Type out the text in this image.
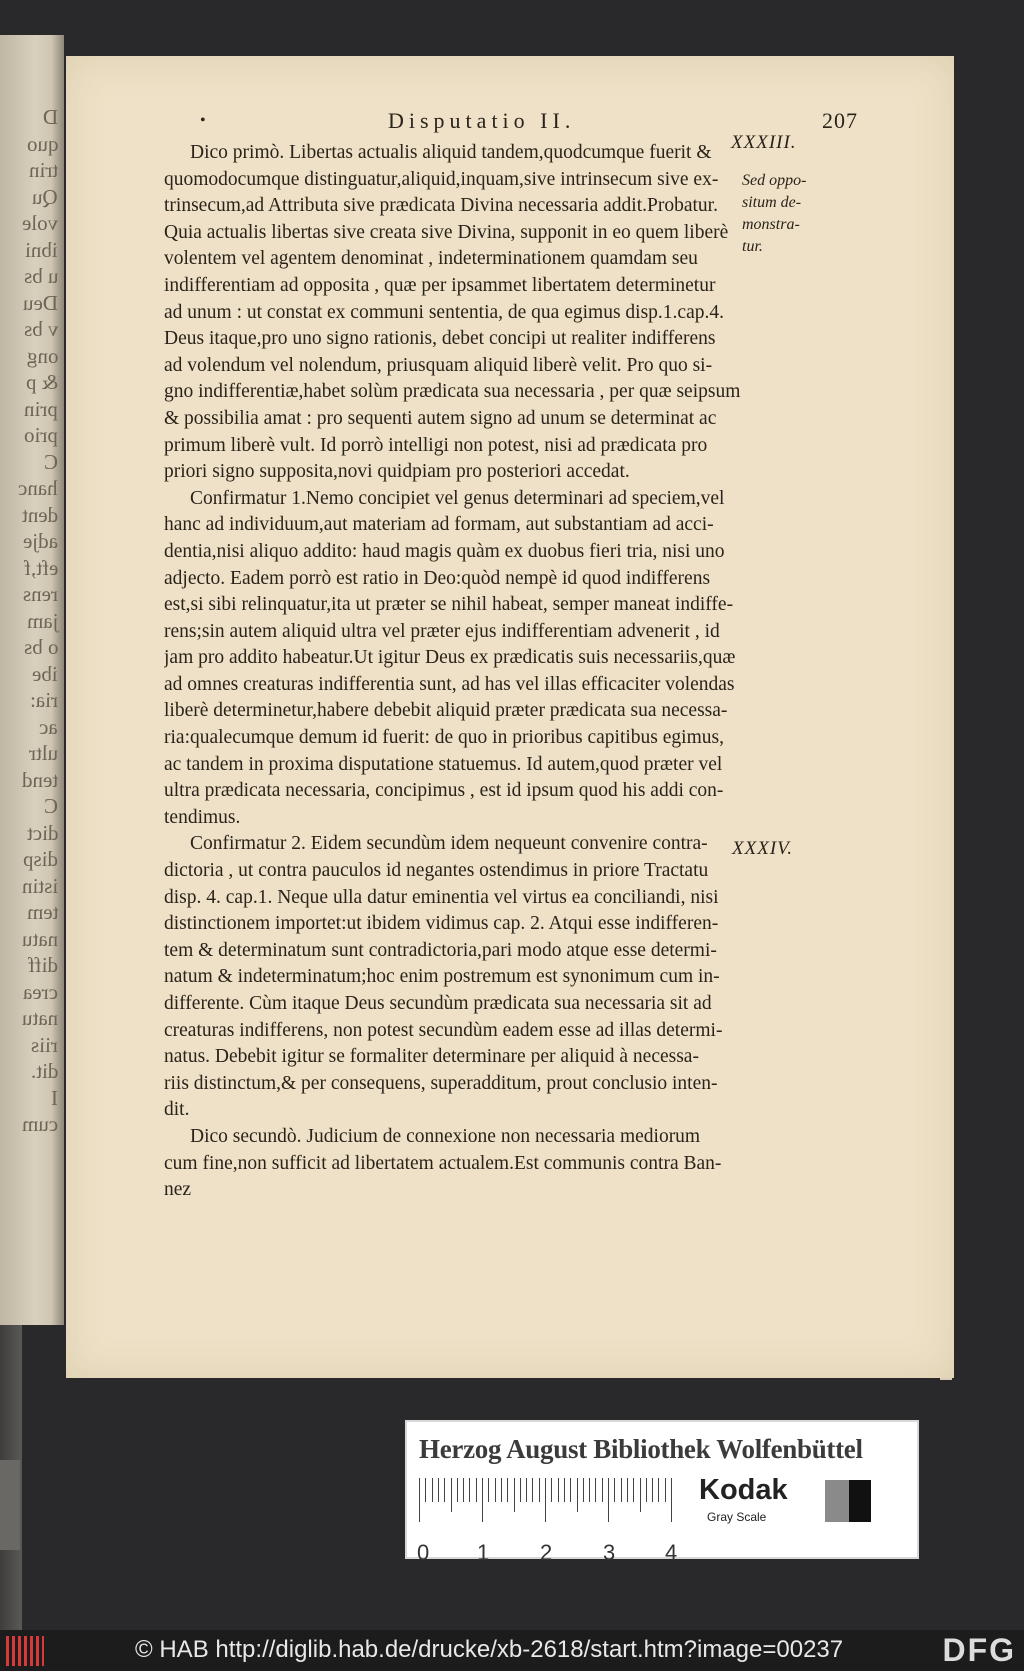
D
quo
trin
Qu
vole
ibni
u bs
Deu
v bs
ong
& p
prin
prio
C
hanc
dent
adje
eft,f
rens
jam
o bs
ibe
ria:
ac
ultr
tend
C
dict
disp
istin
tem
natu
diff
crea
natu
riis
dit.
I
cum
•	Disputatio II.	207
Dico primò. Libertas actualis aliquid tandem,quodcumque fuerit &
quomodocumque distinguatur,aliquid,inquam,sive intrinsecum sive ex-
trinsecum,ad Attributa sive prædicata Divina necessaria addit.Probatur.
Quia actualis libertas sive creata sive Divina, supponit in eo quem liberè
volentem vel agentem denominat , indeterminationem quamdam seu
indifferentiam ad opposita , quæ per ipsammet libertatem determinetur
ad unum : ut constat ex communi sententia, de qua egimus disp.1.cap.4.
Deus itaque,pro uno signo rationis, debet concipi ut realiter indifferens
ad volendum vel nolendum, priusquam aliquid liberè velit. Pro quo si-
gno indifferentiæ,habet solùm prædicata sua necessaria , per quæ seipsum
& possibilia amat : pro sequenti autem signo ad unum se determinat ac
primum liberè vult. Id porrò intelligi non potest, nisi ad prædicata pro
priori signo supposita,novi quidpiam pro posteriori accedat.
Confirmatur 1.Nemo concipiet vel genus determinari ad speciem,vel
hanc ad individuum,aut materiam ad formam, aut substantiam ad acci-
dentia,nisi aliquo addito: haud magis quàm ex duobus fieri tria, nisi uno
adjecto. Eadem porrò est ratio in Deo:quòd nempè id quod indifferens
est,si sibi relinquatur,ita ut præter se nihil habeat, semper maneat indiffe-
rens;sin autem aliquid ultra vel præter ejus indifferentiam advenerit , id
jam pro addito habeatur.Ut igitur Deus ex prædicatis suis necessariis,quæ
ad omnes creaturas indifferentia sunt, ad has vel illas efficaciter volendas
liberè determinetur,habere debebit aliquid præter prædicata sua necessa-
ria:qualecumque demum id fuerit: de quo in prioribus capitibus egimus,
ac tandem in proxima disputatione statuemus. Id autem,quod præter vel
ultra prædicata necessaria, concipimus , est id ipsum quod his addi con-
tendimus.
Confirmatur 2. Eidem secundùm idem nequeunt convenire contra-
dictoria , ut contra pauculos id negantes ostendimus in priore Tractatu
disp. 4. cap.1. Neque ulla datur eminentia vel virtus ea conciliandi, nisi
distinctionem importet:ut ibidem vidimus cap. 2. Atqui esse indifferen-
tem & determinatum sunt contradictoria,pari modo atque esse determi-
natum & indeterminatum;hoc enim postremum est synonimum cum in-
differente. Cùm itaque Deus secundùm prædicata sua necessaria sit ad
creaturas indifferens, non potest secundùm eadem esse ad illas determi-
natus. Debebit igitur se formaliter determinare per aliquid à necessa-
riis distinctum,& per consequens, superadditum, prout conclusio inten-
dit.
Dico secundò. Judicium de connexione non necessaria mediorum
cum fine,non sufficit ad libertatem actualem.Est communis contra Ban-
nez
XXXIII.
Sed oppo-
situm de-
monstra-
tur.
XXXIV.
Herzog August Bibliothek Wolfenbüttel
0 1 2 3 4
Kodak
Gray Scale
© HAB http://diglib.hab.de/drucke/xb-2618/start.htm?image=00237	DFG
